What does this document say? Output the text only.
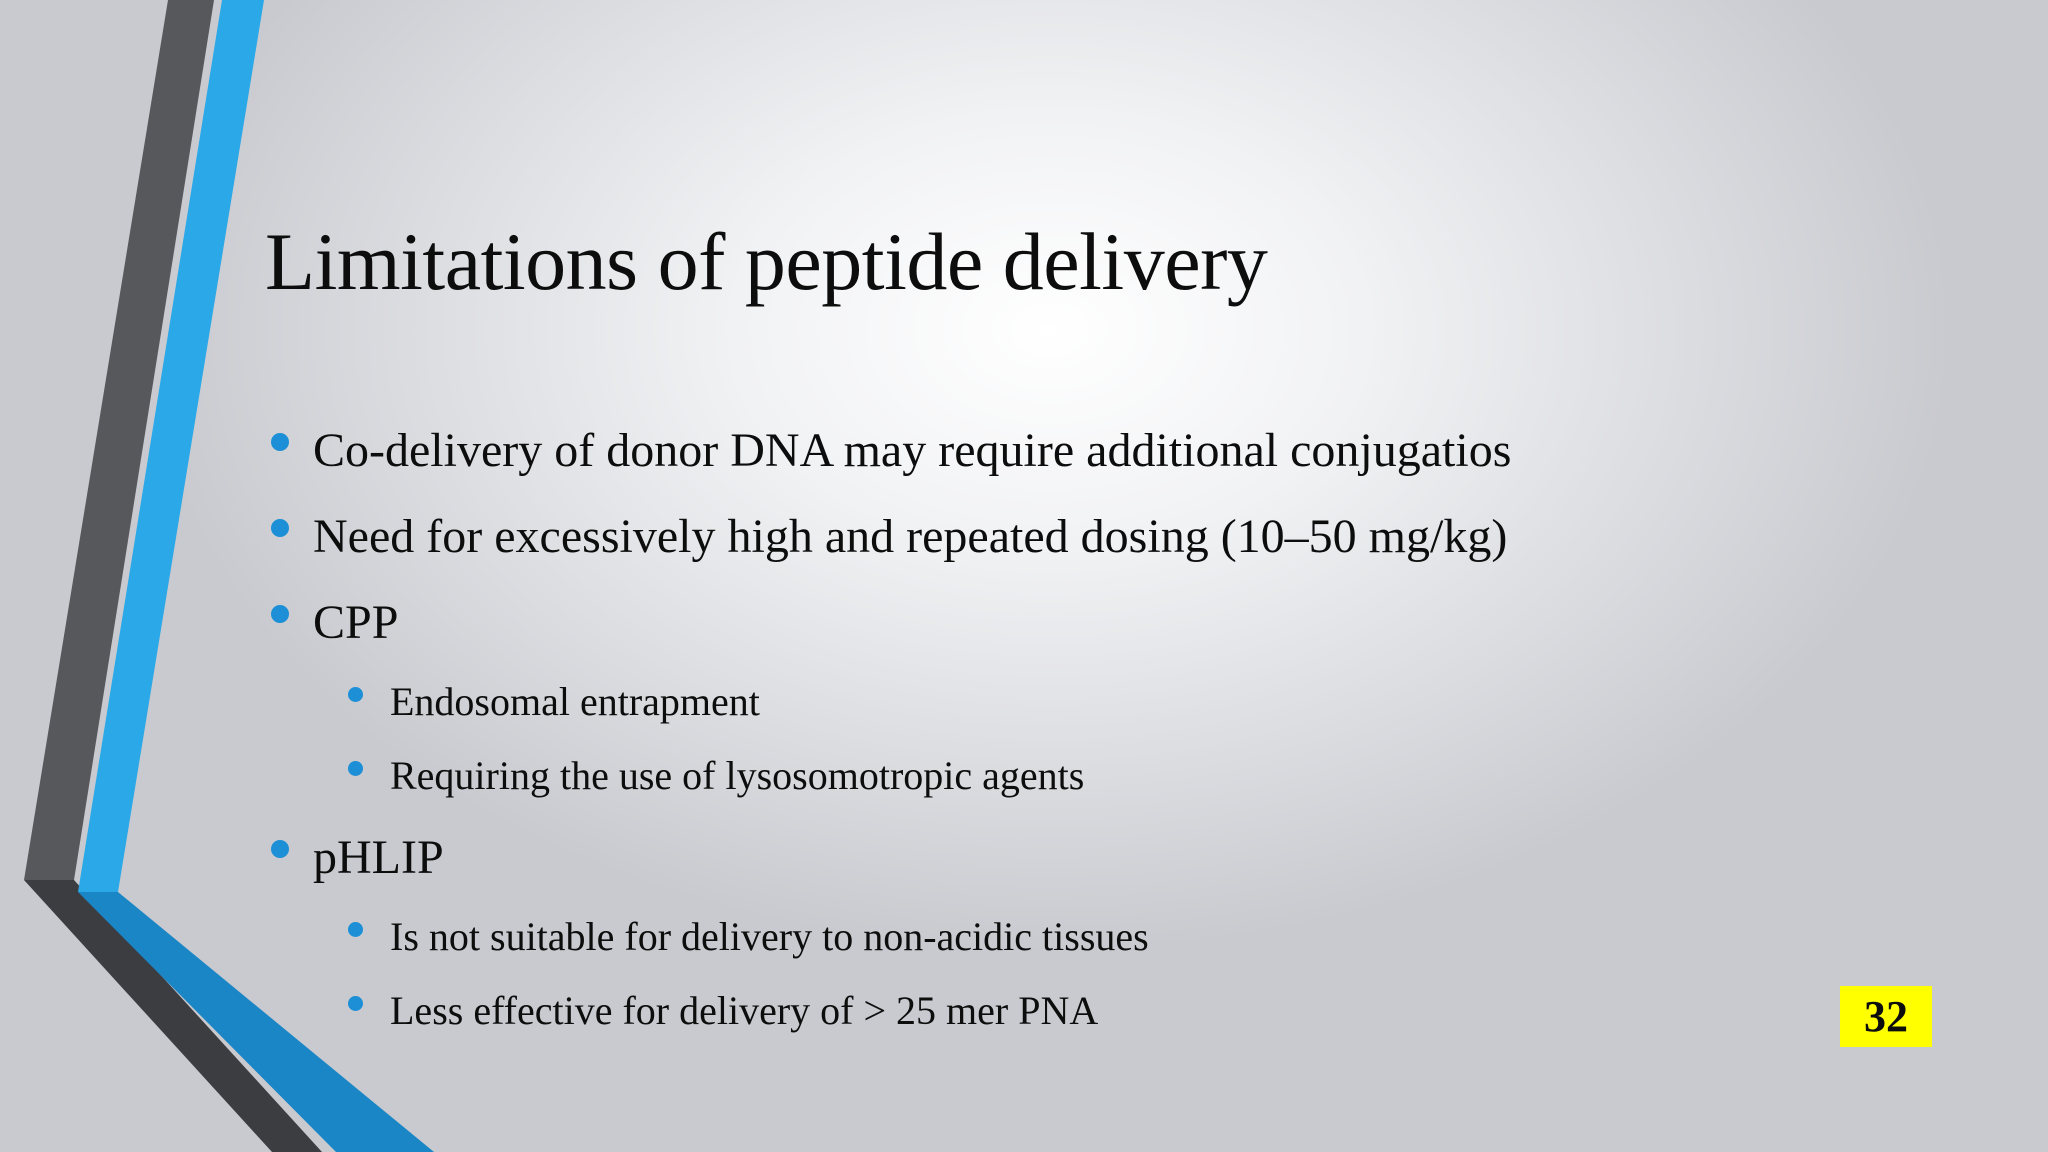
Limitations of peptide delivery
Co-delivery of donor DNA may require additional conjugatios
Need for excessively high and repeated dosing (10–50 mg/kg)
CPP
Endosomal entrapment
Requiring the use of lysosomotropic agents
pHLIP
Is not suitable for delivery to non-acidic tissues
Less effective for delivery of > 25 mer PNA	32
